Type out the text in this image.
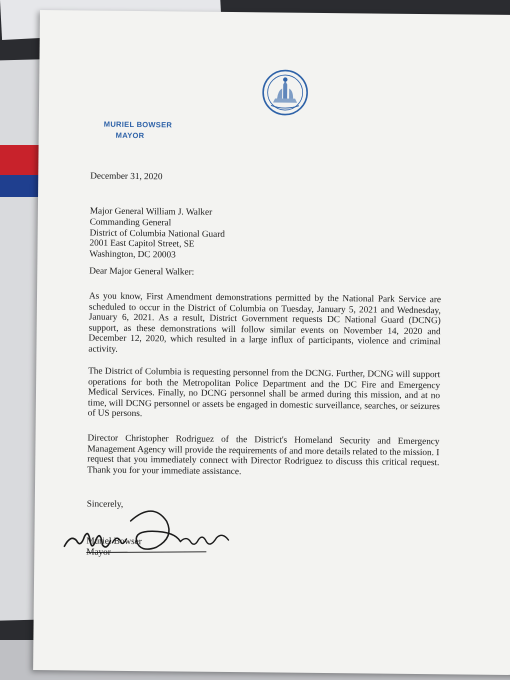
MURIEL BOWSER
MAYOR
December 31, 2020
Major General William J. Walker
Commanding General
District of Columbia National Guard
2001 East Capitol Street, SE
Washington, DC 20003
Dear Major General Walker:
As you know, First Amendment demonstrations permitted by the National Park Service are scheduled to occur in the District of Columbia on Tuesday, January 5, 2021 and Wednesday, January 6, 2021. As a result, District Government requests DC National Guard (DCNG) support, as these demonstrations will follow similar events on November 14, 2020 and December 12, 2020, which resulted in a large influx of participants, violence and criminal activity.
The District of Columbia is requesting personnel from the DCNG. Further, DCNG will support operations for both the Metropolitan Police Department and the DC Fire and Emergency Medical Services. Finally, no DCNG personnel shall be armed during this mission, and at no time, will DCNG personnel or assets be engaged in domestic surveillance, searches, or seizures of US persons.
Director Christopher Rodriguez of the District's Homeland Security and Emergency Management Agency will provide the requirements of and more details related to the mission. I request that you immediately connect with Director Rodriguez to discuss this critical request. Thank you for your immediate assistance.
Sincerely,
Muriel Bowser
Mayor
